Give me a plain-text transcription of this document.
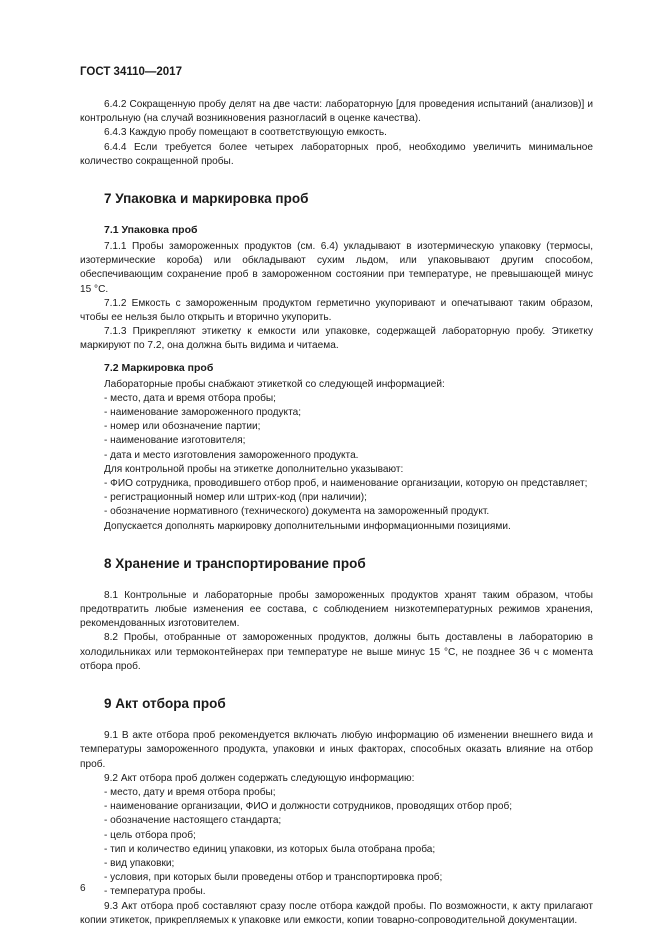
ГОСТ 34110—2017

6.4.2 Сокращенную пробу делят на две части: лабораторную [для проведения испытаний (анализов)] и контрольную (на случай возникновения разногласий в оценке качества).

6.4.3 Каждую пробу помещают в соответствующую емкость.

6.4.4 Если требуется более четырех лабораторных проб, необходимо увеличить минимальное количество сокращенной пробы.

7 Упаковка и маркировка проб
7.1 Упаковка проб

7.1.1 Пробы замороженных продуктов (см. 6.4) укладывают в изотермическую упаковку (термосы, изотермические короба) или обкладывают сухим льдом, или упаковывают другим способом, обеспечивающим сохранение проб в замороженном состоянии при температуре, не превышающей минус 15 °С.

7.1.2 Емкость с замороженным продуктом герметично укупоривают и опечатывают таким образом, чтобы ее нельзя было открыть и вторично укупорить.

7.1.3 Прикрепляют этикетку к емкости или упаковке, содержащей лабораторную пробу. Этикетку маркируют по 7.2, она должна быть видима и читаема.

7.2 Маркировка проб

Лабораторные пробы снабжают этикеткой со следующей информацией:

- место, дата и время отбора пробы;

- наименование замороженного продукта;

- номер или обозначение партии;

- наименование изготовителя;

- дата и место изготовления замороженного продукта.

Для контрольной пробы на этикетке дополнительно указывают:

- ФИО сотрудника, проводившего отбор проб, и наименование организации, которую он представляет;

- регистрационный номер или штрих-код (при наличии);

- обозначение нормативного (технического) документа на замороженный продукт.

Допускается дополнять маркировку дополнительными информационными позициями.

8 Хранение и транспортирование проб

8.1 Контрольные и лабораторные пробы замороженных продуктов хранят таким образом, чтобы предотвратить любые изменения ее состава, с соблюдением низкотемпературных режимов хранения, рекомендованных изготовителем.

8.2 Пробы, отобранные от замороженных продуктов, должны быть доставлены в лабораторию в холодильниках или термоконтейнерах при температуре не выше минус 15 °С, не позднее 36 ч с момента отбора проб.

9 Акт отбора проб

9.1 В акте отбора проб рекомендуется включать любую информацию об изменении внешнего вида и температуры замороженного продукта, упаковки и иных факторах, способных оказать влияние на отбор проб.

9.2 Акт отбора проб должен содержать следующую информацию:

- место, дату и время отбора пробы;

- наименование организации, ФИО и должности сотрудников, проводящих отбор проб;

- обозначение настоящего стандарта;

- цель отбора проб;

- тип и количество единиц упаковки, из которых была отобрана проба;

- вид упаковки;

- условия, при которых были проведены отбор и транспортировка проб;

- температура пробы.

9.3 Акт отбора проб составляют сразу после отбора каждой пробы. По возможности, к акту прилагают копии этикеток, прикрепляемых к упаковке или емкости, копии товарно-сопроводительной документации.

6
